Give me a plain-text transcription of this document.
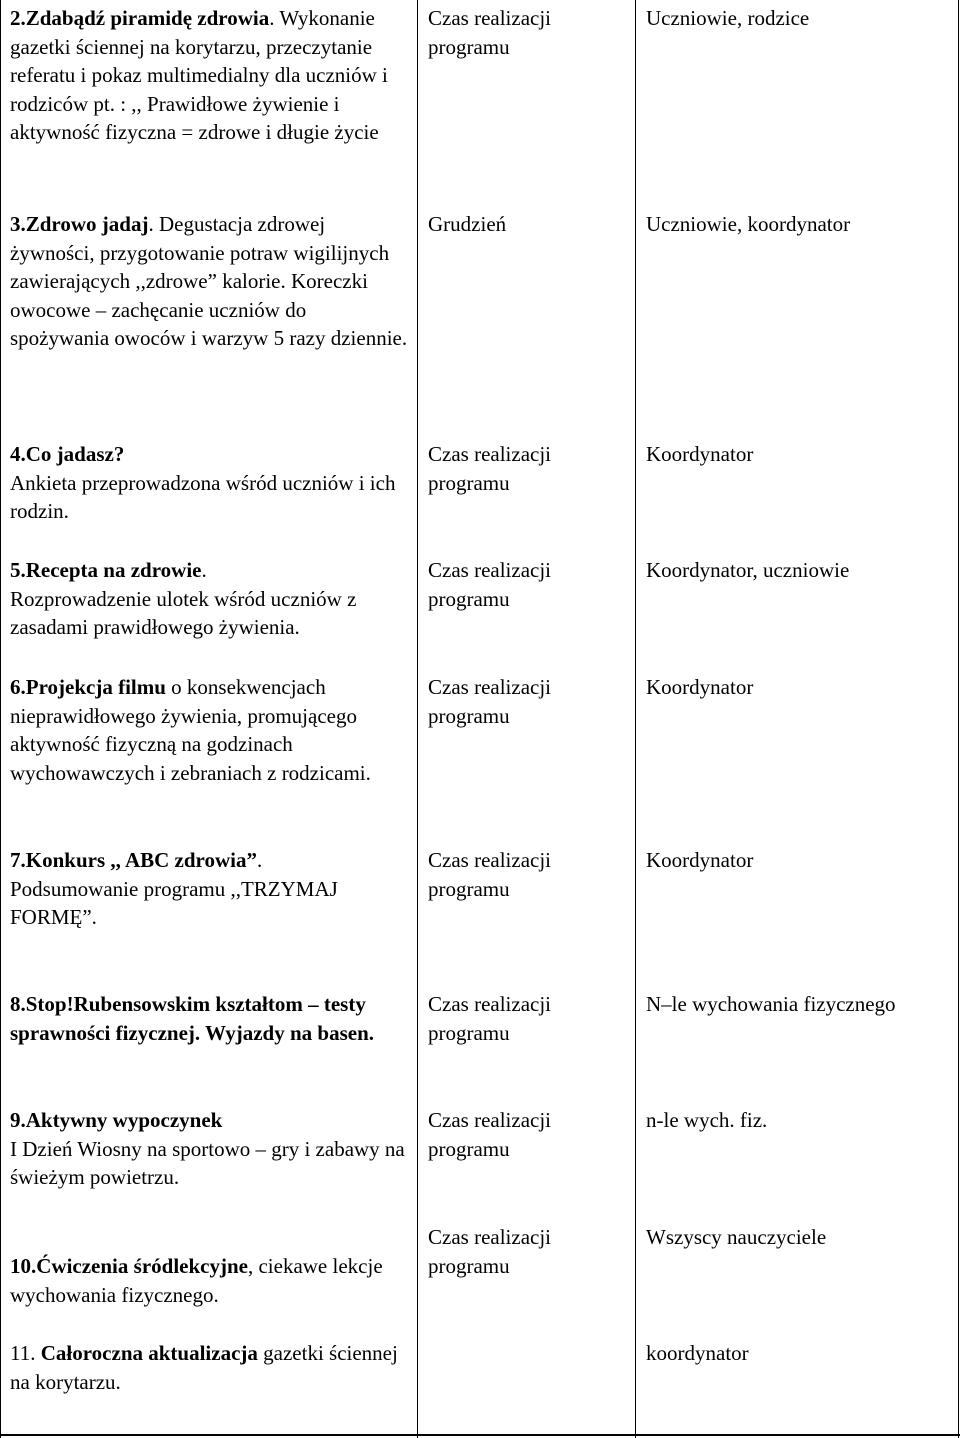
2.Zdabądź piramidę zdrowia. Wykonanie gazetki ściennej na korytarzu, przeczytanie referatu i pokaz multimedialny dla uczniów i rodziców pt. : ,, Prawidłowe żywienie i aktywność fizyczna = zdrowe i długie życie
Czas realizacji programu
Uczniowie, rodzice
3.Zdrowo jadaj. Degustacja zdrowej żywności, przygotowanie potraw wigilijnych zawierających ,,zdrowe” kalorie. Koreczki owocowe – zachęcanie uczniów do spożywania owoców i warzyw 5 razy dziennie.
Grudzień	Uczniowie, koordynator
4.Co jadasz?
Ankieta przeprowadzona wśród uczniów i ich rodzin.
Czas realizacji programu
Koordynator
5.Recepta na zdrowie.
Rozprowadzenie ulotek wśród uczniów z zasadami prawidłowego żywienia.
Czas realizacji programu
Koordynator, uczniowie
6.Projekcja filmu o konsekwencjach nieprawidłowego żywienia, promującego aktywność fizyczną na godzinach wychowawczych i zebraniach z rodzicami.
Czas realizacji programu
Koordynator
7.Konkurs ,, ABC zdrowia”.
Podsumowanie programu ,,TRZYMAJ FORMĘ”.
Czas realizacji programu
Koordynator
8.Stop!Rubensowskim kształtom – testy sprawności fizycznej. Wyjazdy na basen.
Czas realizacji programu
N–le wychowania fizycznego
9.Aktywny wypoczynek
I Dzień Wiosny na sportowo – gry i zabawy na świeżym powietrzu.
Czas realizacji programu
n-le wych. fiz.
10.Ćwiczenia śródlekcyjne, ciekawe lekcje wychowania fizycznego.
Czas realizacji programu
Wszyscy nauczyciele
11. Całoroczna aktualizacja gazetki ściennej na korytarzu.
koordynator
